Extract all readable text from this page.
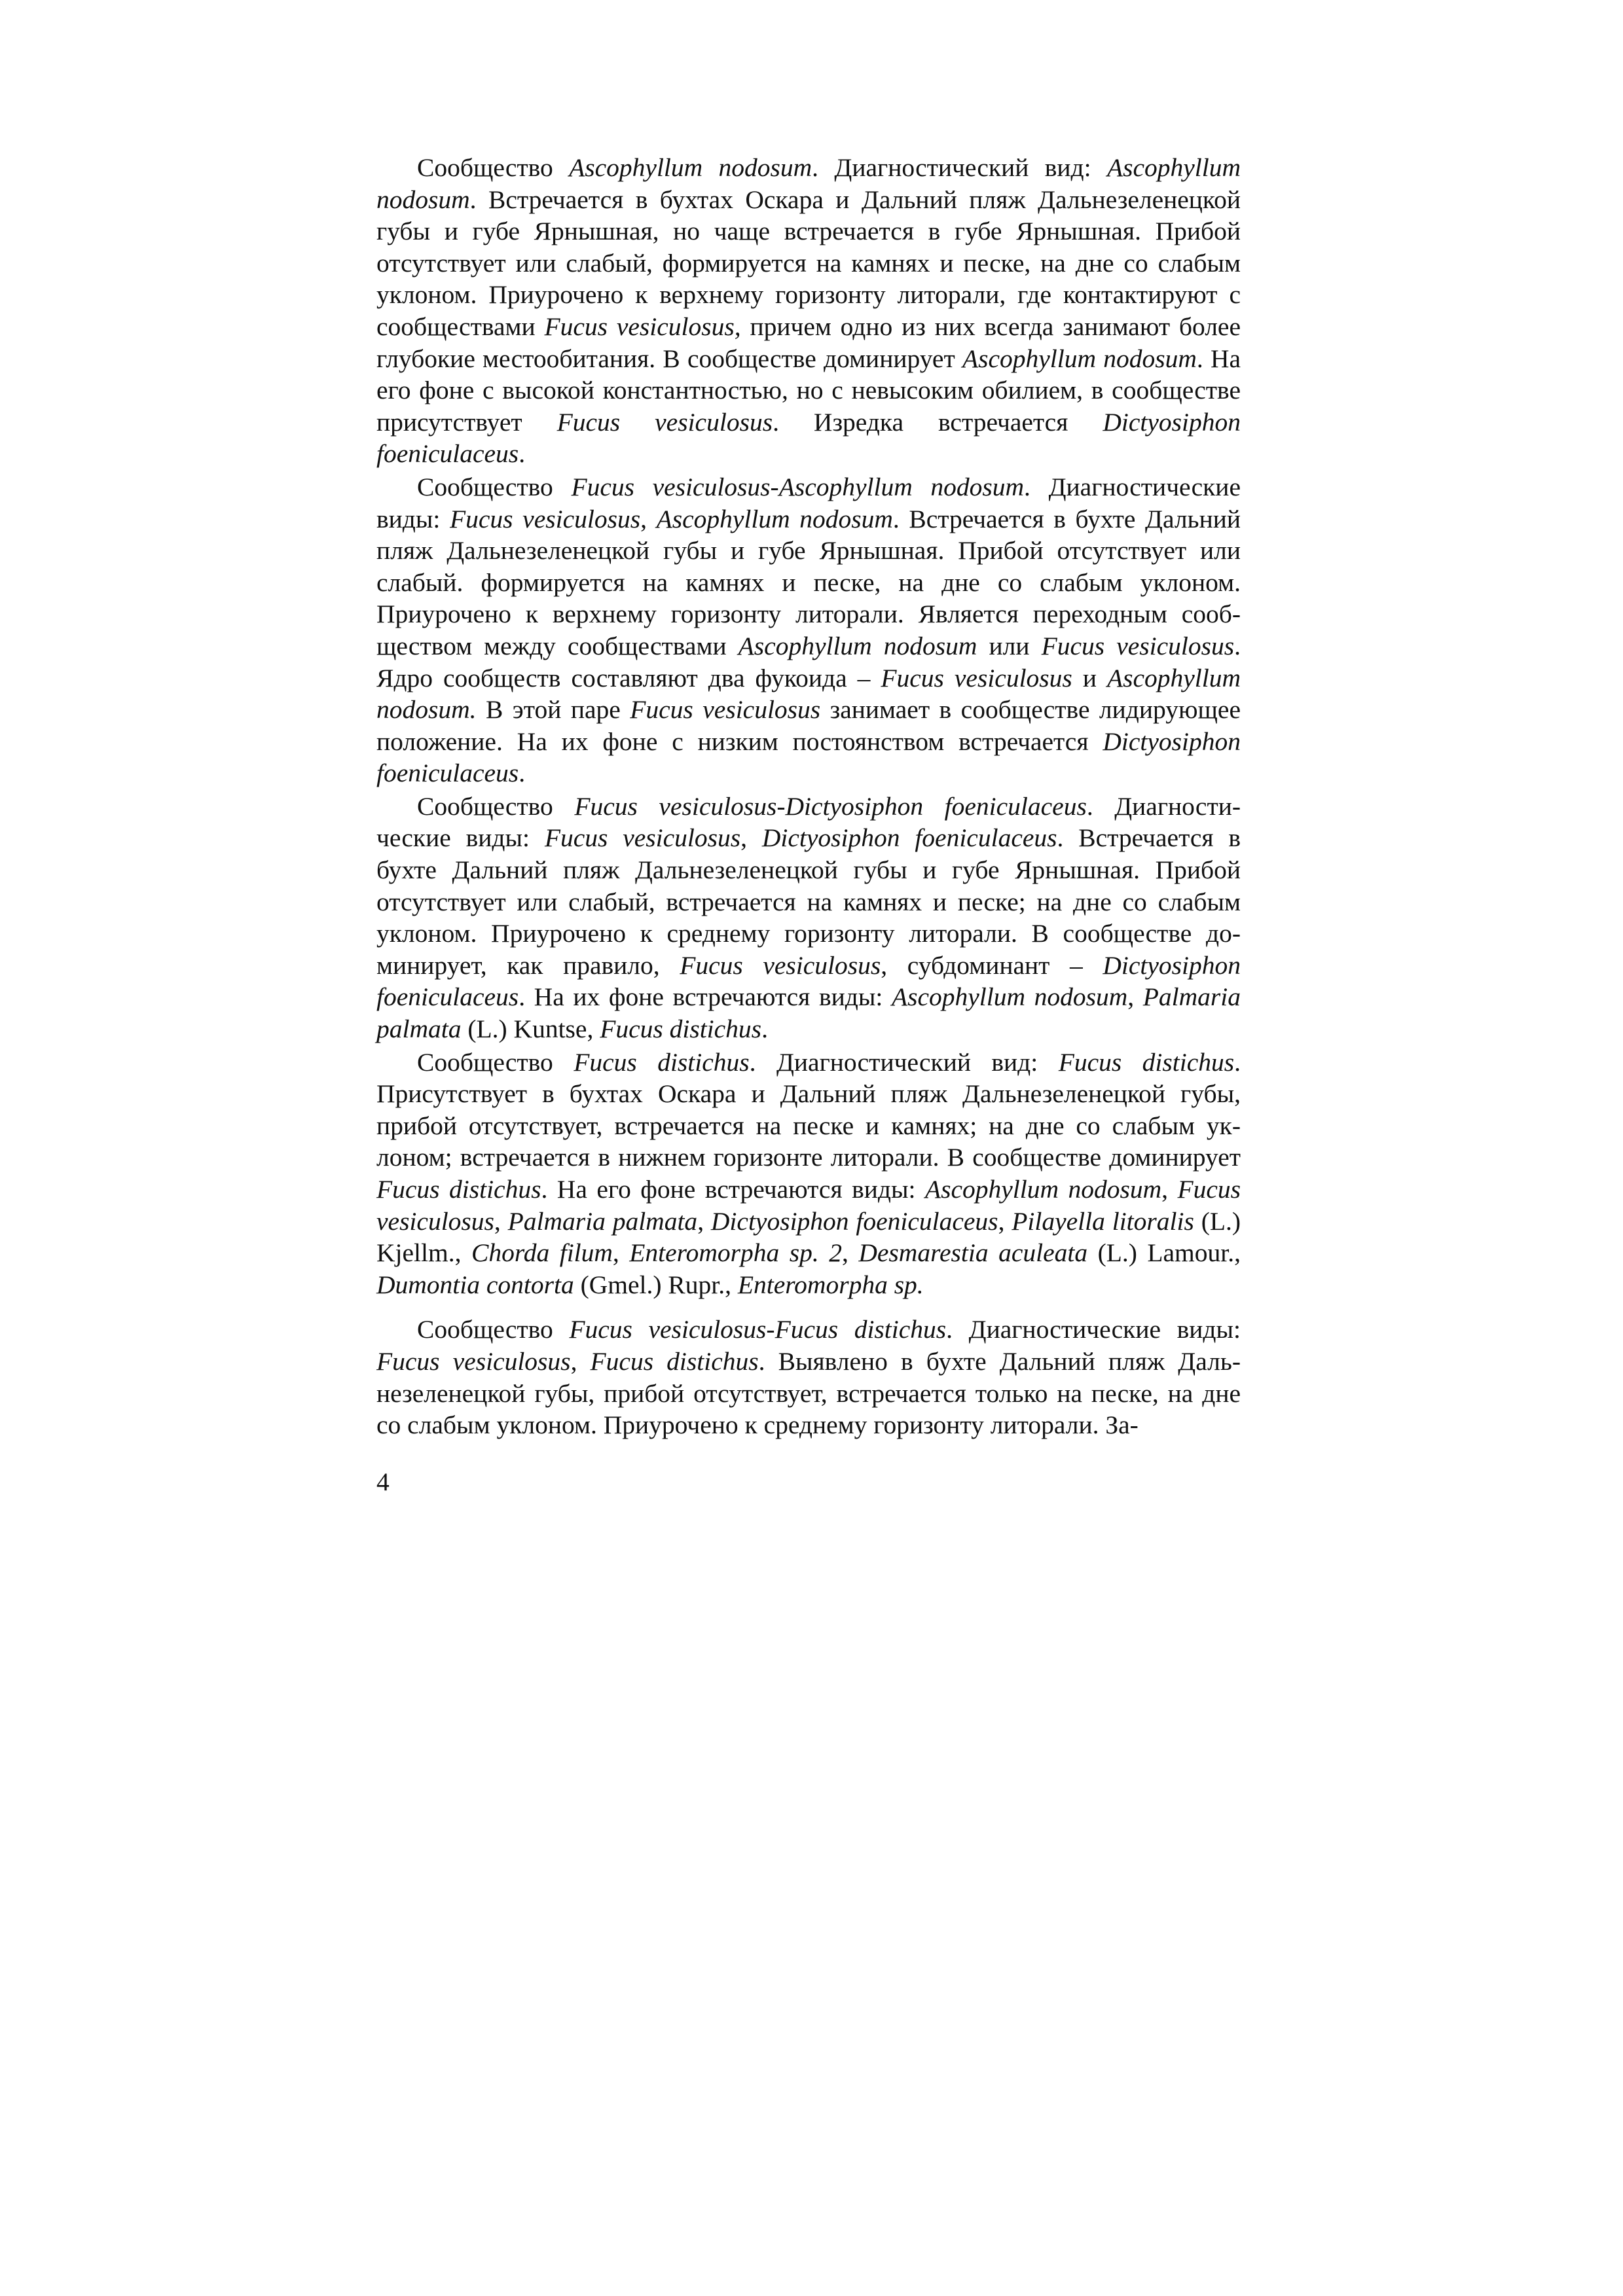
Сообщество Ascophyllum nodosum. Диагностический вид: Ascophyllum nodosum. Встречается в бухтах Оскара и Дальний пляж Дальнезеленецкой губы и губе Ярнышная, но чаще встречается в губе Ярнышная. Прибой отсутствует или слабый, формируется на камнях и песке, на дне со слабым уклоном. Приурочено к верхнему горизонту литорали, где контактируют с сообществами Fucus vesiculosus, причем одно из них всегда занимают более глубокие местообитания. В сообществе доминирует Ascophyllum nodosum. На его фоне с высокой константностью, но с невысоким обилием, в сообществе присутствует Fucus vesiculosus. Изредка встречается Dictyosiphon foeniculaceus.

Сообщество Fucus vesiculosus-Ascophyllum nodosum. Диагностические виды: Fucus vesiculosus, Ascophyllum nodosum. Встречается в бухте Дальний пляж Дальнезеленецкой губы и губе Ярнышная. Прибой отсутствует или слабый. формируется на камнях и песке, на дне со слабым уклоном. Приурочено к верхнему горизонту литорали. Является переходным сообществом между сообществами Ascophyllum nodosum или Fucus vesiculosus. Ядро сообществ составляют два фукоида – Fucus vesiculosus и Ascophyllum nodosum. В этой паре Fucus vesiculosus занимает в сообществе лидирующее положение. На их фоне с низким постоянством встречается Dictyosiphon foeniculaceus.

Сообщество Fucus vesiculosus-Dictyosiphon foeniculaceus. Диагностические виды: Fucus vesiculosus, Dictyosiphon foeniculaceus. Встречается в бухте Дальний пляж Дальнезеленецкой губы и губе Ярнышная. Прибой отсутствует или слабый, встречается на камнях и песке; на дне со слабым уклоном. Приурочено к среднему горизонту литорали. В сообществе доминирует, как правило, Fucus vesiculosus, субдоминант – Dictyosiphon foeniculaceus. На их фоне встречаются виды: Ascophyllum nodosum, Palmaria palmata (L.) Kuntse, Fucus distichus.

Сообщество Fucus distichus. Диагностический вид: Fucus distichus. Присутствует в бухтах Оскара и Дальний пляж Дальнезеленецкой губы, прибой отсутствует, встречается на песке и камнях; на дне со слабым уклоном; встречается в нижнем горизонте литорали. В сообществе доминирует Fucus distichus. На его фоне встречаются виды: Ascophyllum nodosum, Fucus vesiculosus, Palmaria palmata, Dictyosiphon foeniculaceus, Pilayella litoralis (L.) Kjellm., Chorda filum, Enteromorpha sp. 2, Desmarestia aculeata (L.) Lamour., Dumontia contorta (Gmel.) Rupr., Enteromorpha sp.

Сообщество Fucus vesiculosus-Fucus distichus. Диагностические виды: Fucus vesiculosus, Fucus distichus. Выявлено в бухте Дальний пляж Дальнезеленецкой губы, прибой отсутствует, встречается только на песке, на дне со слабым уклоном. Приурочено к среднему горизонту литорали. За-

4
